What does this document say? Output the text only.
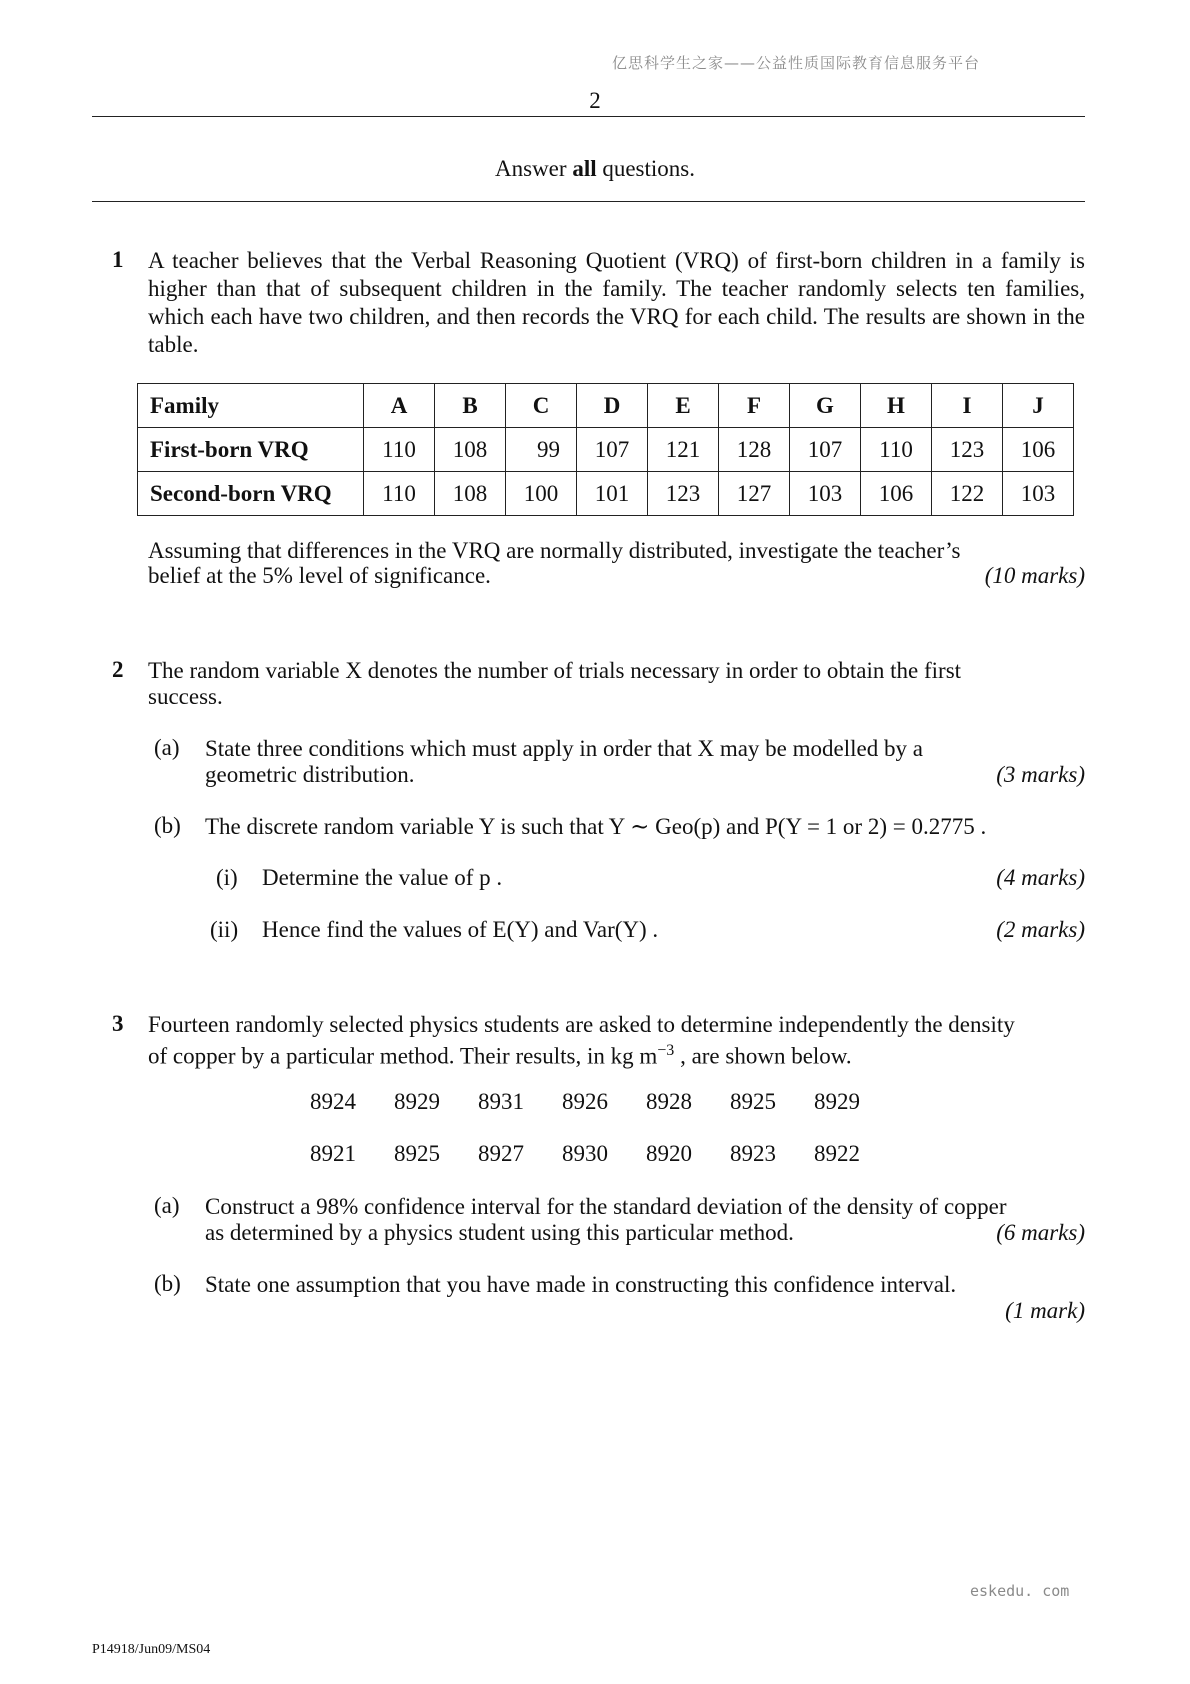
亿思科学生之家——公益性质国际教育信息服务平台
2
Answer all questions.
1 A teacher believes that the Verbal Reasoning Quotient (VRQ) of first-born children in a family is higher than that of subsequent children in the family. The teacher randomly selects ten families, which each have two children, and then records the VRQ for each child. The results are shown in the table.
Family	A	B	C	D	E	F	G	H	I	J
First-born VRQ	110	108	99	107	121	128	107	110	123	106
Second-born VRQ	110	108	100	101	123	127	103	106	122	103
Assuming that differences in the VRQ are normally distributed, investigate the teacher’s
belief at the 5% level of significance.	(10 marks)
2 The random variable X denotes the number of trials necessary in order to obtain the first
success.
(a) State three conditions which must apply in order that X may be modelled by a
geometric distribution.	(3 marks)
(b) The discrete random variable Y is such that Y ∼ Geo(p) and P(Y = 1 or 2) = 0.2775 .
(i) Determine the value of p .	(4 marks)
(ii) Hence find the values of E(Y) and Var(Y) .	(2 marks)
3 Fourteen randomly selected physics students are asked to determine independently the density
of copper by a particular method. Their results, in kg $m^{-3}$ , are shown below.
8924	8929	8931	8926	8928	8925	8929
8921	8925	8927	8930	8920	8923	8922
(a) Construct a 98% confidence interval for the standard deviation of the density of copper
as determined by a physics student using this particular method.	(6 marks)
(b) State one assumption that you have made in constructing this confidence interval.
(1 mark)
eskedu. com
P14918/Jun09/MS04
